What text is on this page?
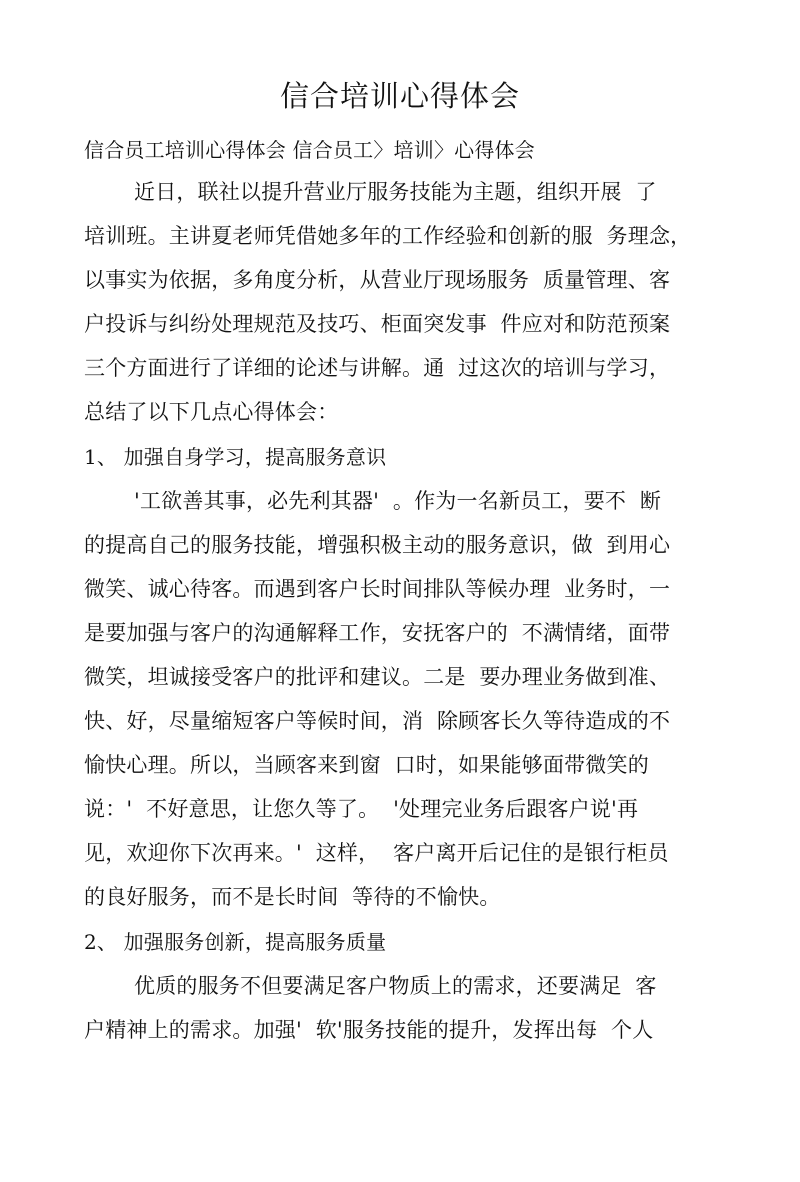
信合培训心得体会
信合员工培训心得体会 信合员工〉培训〉心得体会
近日，联社以提升营业厅服务技能为主题，组织开展  了
培训班。主讲夏老师凭借她多年的工作经验和创新的服  务理念，
以事实为依据，多角度分析，从营业厅现场服务  质量管理、客
户投诉与纠纷处理规范及技巧、柜面突发事  件应对和防范预案
三个方面进行了详细的论述与讲解。通  过这次的培训与学习，
总结了以下几点心得体会：
1、 加强自身学习，提高服务意识
'工欲善其事，必先利其器'  。作为一名新员工，要不  断
的提高自己的服务技能，增强积极主动的服务意识，做  到用心
微笑、诚心待客。而遇到客户长时间排队等候办理  业务时，一
是要加强与客户的沟通解释工作，安抚客户的  不满情绪，面带
微笑，坦诚接受客户的批评和建议。二是  要办理业务做到准、
快、好，尽量缩短客户等候时间，消  除顾客长久等待造成的不
愉快心理。所以，当顾客来到窗  口时，如果能够面带微笑的
说：'  不好意思，让您久等了。  '处理完业务后跟客户说'再
见，欢迎你下次再来。'  这样，  客户离开后记住的是银行柜员
的良好服务，而不是长时间  等待的不愉快。
2、 加强服务创新，提高服务质量
优质的服务不但要满足客户物质上的需求，还要满足  客
户精神上的需求。加强'  软'服务技能的提升，发挥出每  个人
